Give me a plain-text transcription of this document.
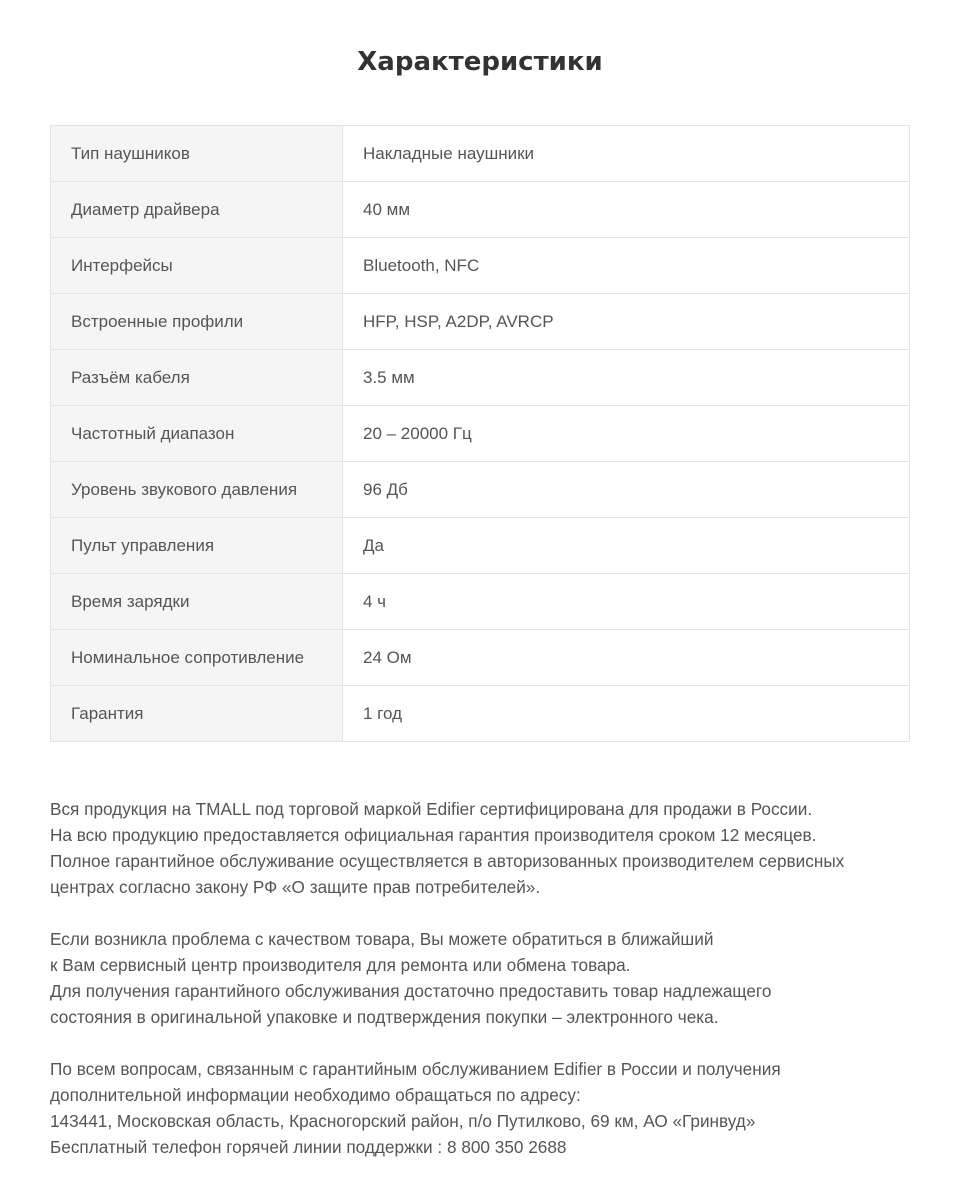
Характеристики
Тип наушников	Накладные наушники
Диаметр драйвера	40 мм
Интерфейсы	Bluetooth, NFC
Встроенные профили	HFP, HSP, A2DP, AVRCP
Разъём кабеля	3.5 мм
Частотный диапазон	20 – 20000 Гц
Уровень звукового давления	96 Дб
Пульт управления	Да
Время зарядки	4 ч
Номинальное сопротивление	24 Ом
Гарантия	1 год

Вся продукция на TMALL под торговой маркой Edifier сертифицирована для продажи в России.
На всю продукцию предоставляется официальная гарантия производителя сроком 12 месяцев.
Полное гарантийное обслуживание осуществляется в авторизованных производителем сервисных
центрах согласно закону РФ «О защите прав потребителей».

Если возникла проблема с качеством товара, Вы можете обратиться в ближайший
к Вам сервисный центр производителя для ремонта или обмена товара.
Для получения гарантийного обслуживания достаточно предоставить товар надлежащего
состояния в оригинальной упаковке и подтверждения покупки – электронного чека.

По всем вопросам, связанным с гарантийным обслуживанием Edifier в России и получения
дополнительной информации необходимо обращаться по адресу:
143441, Московская область, Красногорский район, п/о Путилково, 69 км, АО «Гринвуд»
Бесплатный телефон горячей линии поддержки : 8 800 350 2688
